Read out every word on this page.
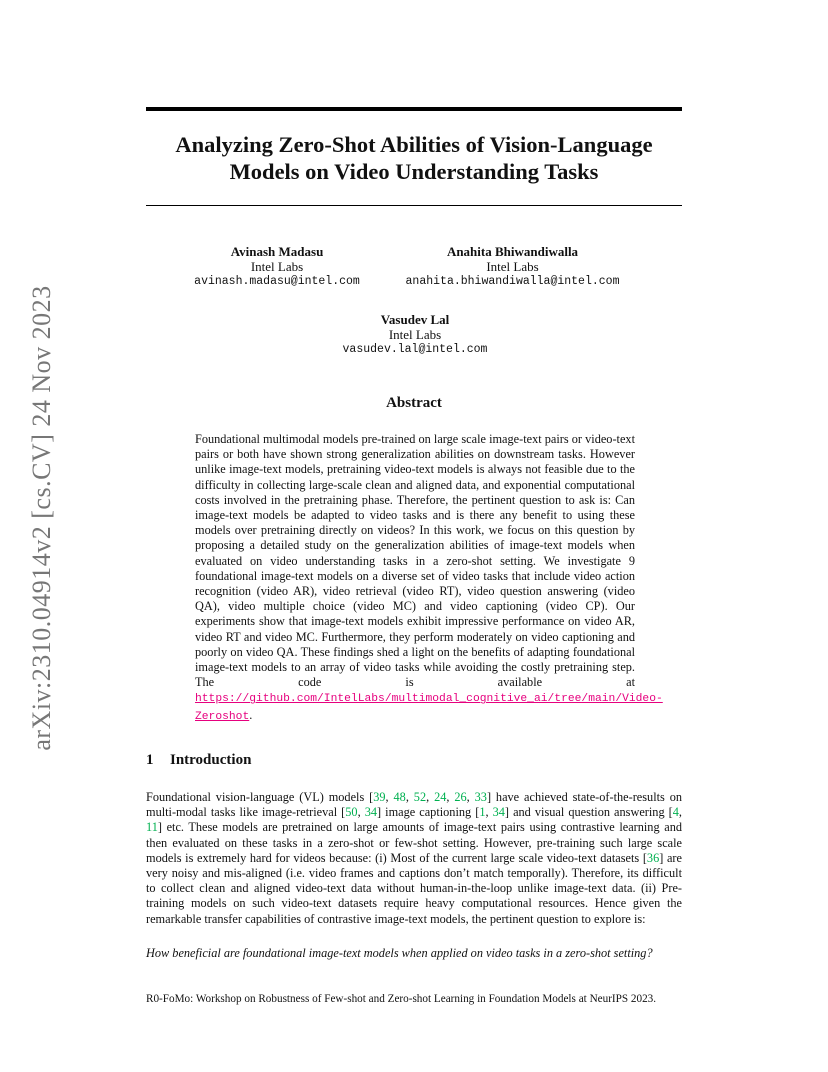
arXiv:2310.04914v2 [cs.CV] 24 Nov 2023
Analyzing Zero-Shot Abilities of Vision-Language Models on Video Understanding Tasks
Avinash Madasu
Intel Labs
avinash.madasu@intel.com
Anahita Bhiwandiwalla
Intel Labs
anahita.bhiwandiwalla@intel.com
Vasudev Lal
Intel Labs
vasudev.lal@intel.com
Abstract

Foundational multimodal models pre-trained on large scale image-text pairs or video-text pairs or both have shown strong generalization abilities on downstream tasks. However unlike image-text models, pretraining video-text models is always not feasible due to the difficulty in collecting large-scale clean and aligned data, and exponential computational costs involved in the pretraining phase. Therefore, the pertinent question to ask is: Can image-text models be adapted to video tasks and is there any benefit to using these models over pretraining directly on videos? In this work, we focus on this question by proposing a detailed study on the generalization abilities of image-text models when evaluated on video understanding tasks in a zero-shot setting. We investigate 9 foundational image-text models on a diverse set of video tasks that include video action recognition (video AR), video retrieval (video RT), video question answering (video QA), video multiple choice (video MC) and video captioning (video CP). Our experiments show that image-text models exhibit impressive performance on video AR, video RT and video MC. Furthermore, they perform moderately on video captioning and poorly on video QA. These findings shed a light on the benefits of adapting foundational image-text models to an array of video tasks while avoiding the costly pretraining step. The code is available at https://github.com/IntelLabs/multimodal_cognitive_ai/tree/main/Video-Zeroshot.

1 Introduction

Foundational vision-language (VL) models [39, 48, 52, 24, 26, 33] have achieved state-of-the-results on multi-modal tasks like image-retrieval [50, 34] image captioning [1, 34] and visual question answering [4, 11] etc. These models are pretrained on large amounts of image-text pairs using contrastive learning and then evaluated on these tasks in a zero-shot or few-shot setting. However, pre-training such large scale models is extremely hard for videos because: (i) Most of the current large scale video-text datasets [36] are very noisy and mis-aligned (i.e. video frames and captions don’t match temporally). Therefore, its difficult to collect clean and aligned video-text data without human-in-the-loop unlike image-text data. (ii) Pre-training models on such video-text datasets require heavy computational resources. Hence given the remarkable transfer capabilities of contrastive image-text models, the pertinent question to explore is:

How beneficial are foundational image-text models when applied on video tasks in a zero-shot setting?

R0-FoMo: Workshop on Robustness of Few-shot and Zero-shot Learning in Foundation Models at NeurIPS 2023.
